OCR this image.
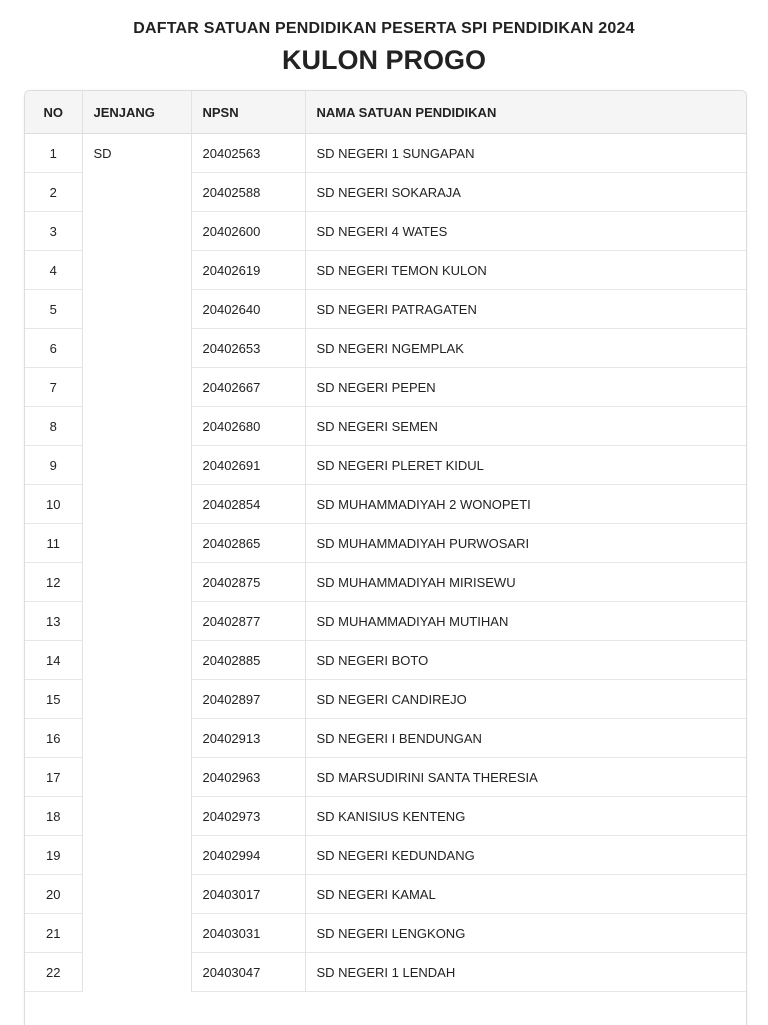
DAFTAR SATUAN PENDIDIKAN PESERTA SPI PENDIDIKAN 2024
KULON PROGO
NO	JENJANG	NPSN	NAMA SATUAN PENDIDIKAN
1	SD	20402563	SD NEGERI 1 SUNGAPAN
2		20402588	SD NEGERI SOKARAJA
3		20402600	SD NEGERI 4 WATES
4		20402619	SD NEGERI TEMON KULON
5		20402640	SD NEGERI PATRAGATEN
6		20402653	SD NEGERI NGEMPLAK
7		20402667	SD NEGERI PEPEN
8		20402680	SD NEGERI SEMEN
9		20402691	SD NEGERI PLERET KIDUL
10		20402854	SD MUHAMMADIYAH 2 WONOPETI
11		20402865	SD MUHAMMADIYAH PURWOSARI
12		20402875	SD MUHAMMADIYAH MIRISEWU
13		20402877	SD MUHAMMADIYAH MUTIHAN
14		20402885	SD NEGERI BOTO
15		20402897	SD NEGERI CANDIREJO
16		20402913	SD NEGERI I BENDUNGAN
17		20402963	SD MARSUDIRINI SANTA THERESIA
18		20402973	SD KANISIUS KENTENG
19		20402994	SD NEGERI KEDUNDANG
20		20403017	SD NEGERI KAMAL
21		20403031	SD NEGERI LENGKONG
22		20403047	SD NEGERI 1 LENDAH
